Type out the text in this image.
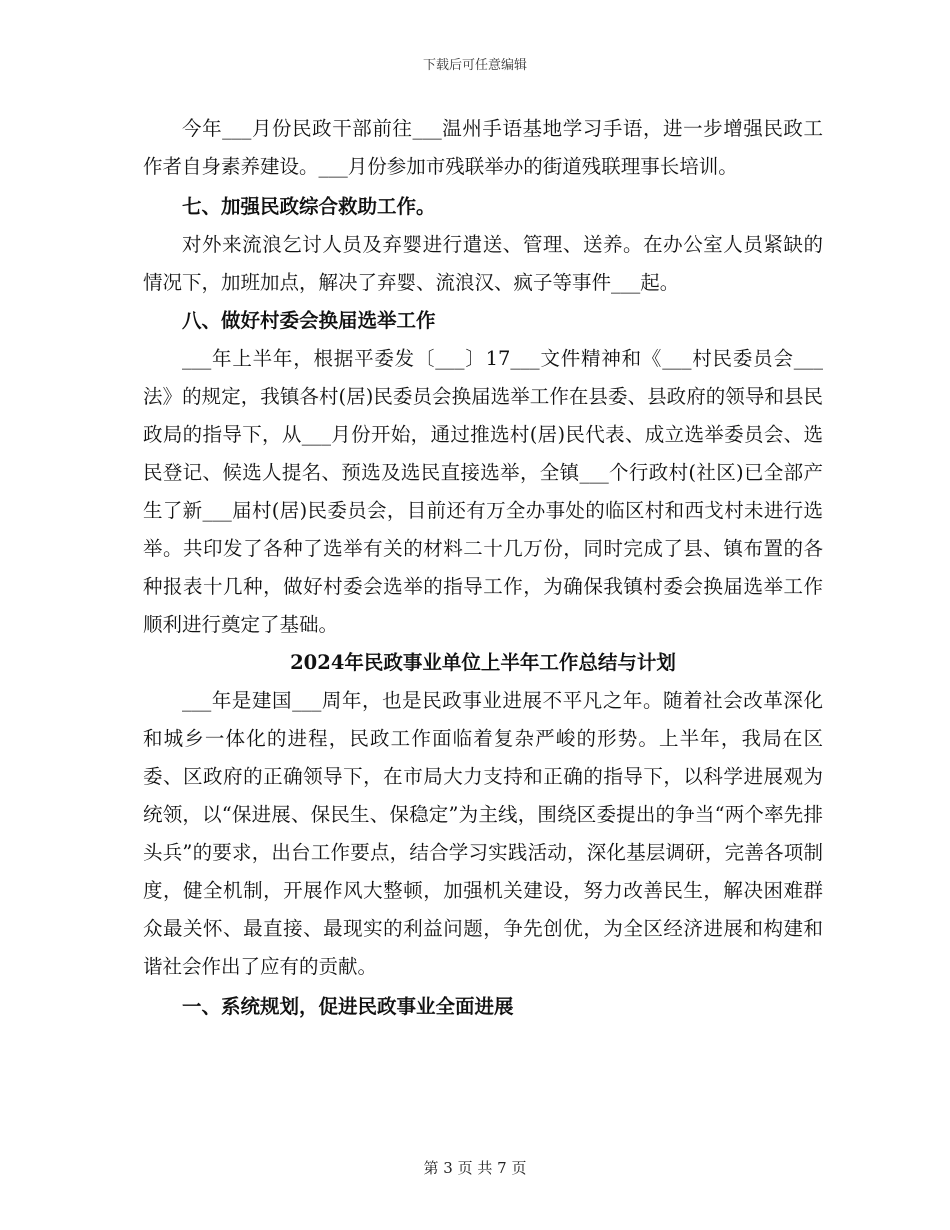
下载后可任意编辑

今年___月份民政干部前往___温州手语基地学习手语，进一步增强民政工作者自身素养建设。___月份参加市残联举办的街道残联理事长培训。

七、加强民政综合救助工作。

对外来流浪乞讨人员及弃婴进行遣送、管理、送养。在办公室人员紧缺的情况下，加班加点，解决了弃婴、流浪汉、疯子等事件___起。

八、做好村委会换届选举工作

___年上半年，根据平委发〔___〕17___文件精神和《___村民委员会___法》的规定，我镇各村(居)民委员会换届选举工作在县委、县政府的领导和县民政局的指导下，从___月份开始，通过推选村(居)民代表、成立选举委员会、选民登记、候选人提名、预选及选民直接选举，全镇___个行政村(社区)已全部产生了新___届村(居)民委员会，目前还有万全办事处的临区村和西戈村未进行选举。共印发了各种了选举有关的材料二十几万份，同时完成了县、镇布置的各种报表十几种，做好村委会选举的指导工作，为确保我镇村委会换届选举工作顺利进行奠定了基础。

2024年民政事业单位上半年工作总结与计划

___年是建国___周年，也是民政事业进展不平凡之年。随着社会改革深化和城乡一体化的进程，民政工作面临着复杂严峻的形势。上半年，我局在区委、区政府的正确领导下，在市局大力支持和正确的指导下，以科学进展观为统领，以“保进展、保民生、保稳定”为主线，围绕区委提出的争当“两个率先排头兵”的要求，出台工作要点，结合学习实践活动，深化基层调研，完善各项制度，健全机制，开展作风大整顿，加强机关建设，努力改善民生，解决困难群众最关怀、最直接、最现实的利益问题，争先创优，为全区经济进展和构建和谐社会作出了应有的贡献。

一、系统规划，促进民政事业全面进展

第 3 页 共 7 页
